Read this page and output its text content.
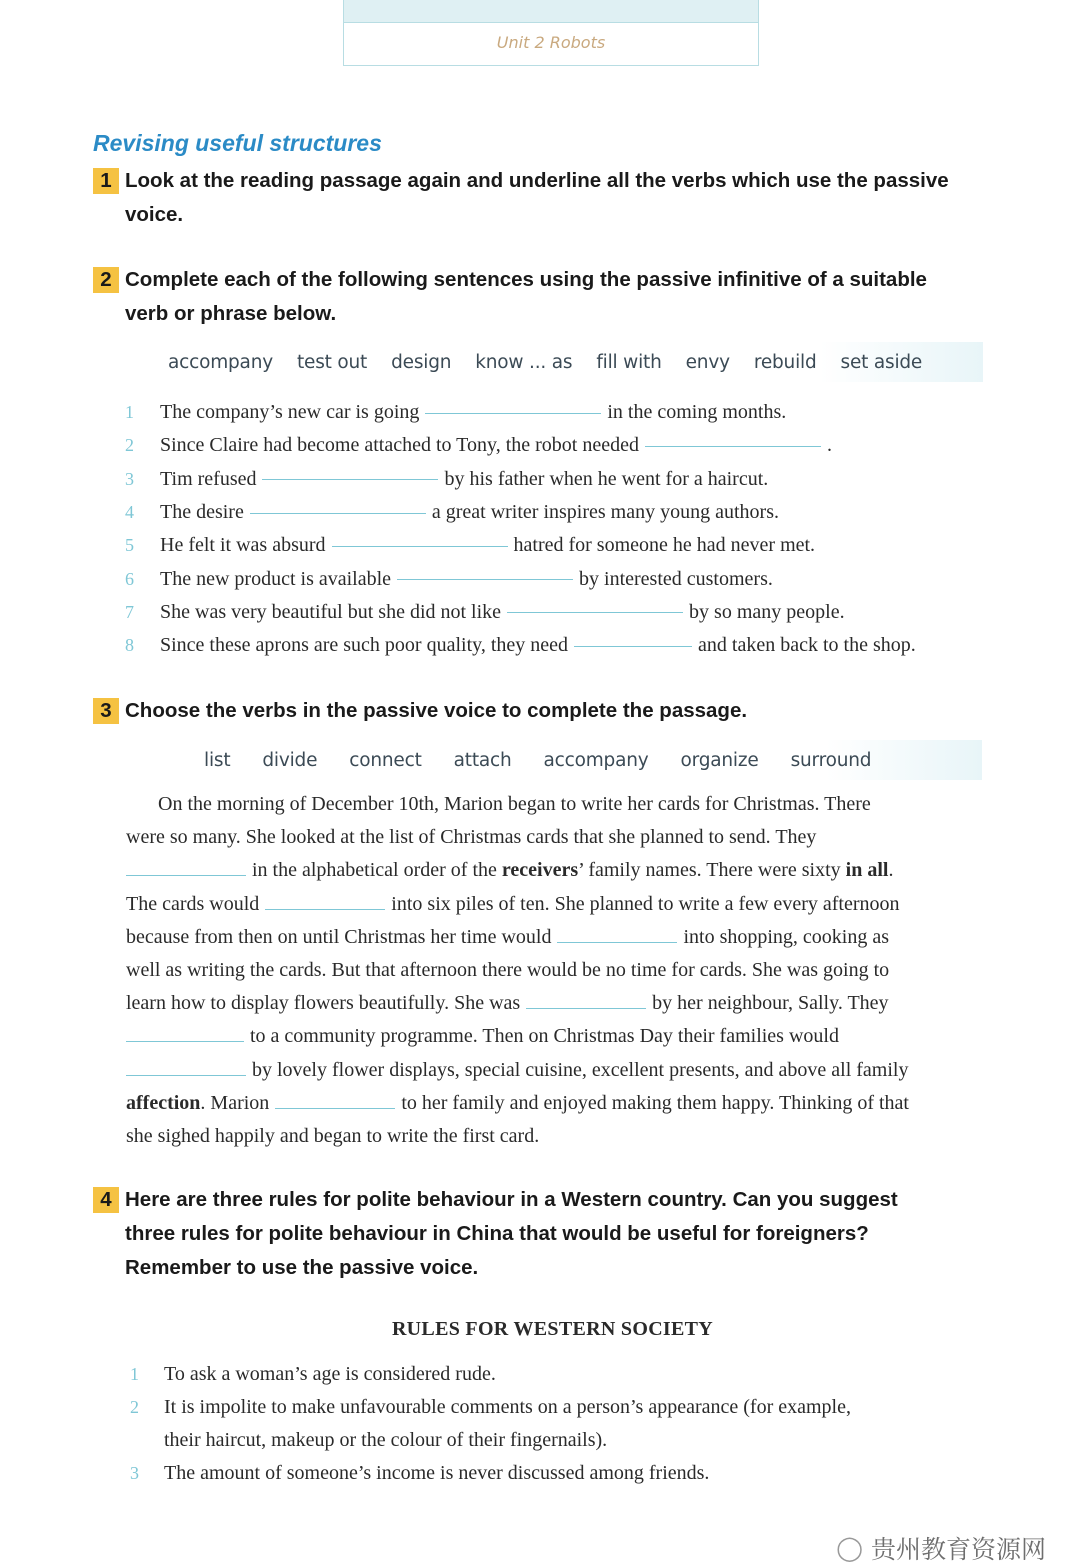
Unit 2 Robots
Revising useful structures
1 Look at the reading passage again and underline all the verbs which use the passive
voice.
2 Complete each of the following sentences using the passive infinitive of a suitable
verb or phrase below.
accompany test out design know ... as fill with envy rebuild set aside
1	The company’s new car is going	in the coming months.
2	Since Claire had become attached to Tony, the robot needed	.
3	Tim refused	by his father when he went for a haircut.
4	The desire	a great writer inspires many young authors.
5	He felt it was absurd	hatred for someone he had never met.
6	The new product is available	by interested customers.
7	She was very beautiful but she did not like	by so many people.
8	Since these aprons are such poor quality, they need	and taken back to the shop.
3 Choose the verbs in the passive voice to complete the passage.
list divide connect attach accompany organize surround
On the morning of December 10th, Marion began to write her cards for Christmas. There
were so many. She looked at the list of Christmas cards that she planned to send. They
in the alphabetical order of the receivers’ family names. There were sixty in all.
The cards would	into six piles of ten. She planned to write a few every afternoon
because from then on until Christmas her time would	into shopping, cooking as
well as writing the cards. But that afternoon there would be no time for cards. She was going to
learn how to display flowers beautifully. She was	by her neighbour, Sally. They
to a community programme. Then on Christmas Day their families would
by lovely flower displays, special cuisine, excellent presents, and above all family
affection. Marion	to her family and enjoyed making them happy. Thinking of that
she sighed happily and began to write the first card.
4 Here are three rules for polite behaviour in a Western country. Can you suggest
three rules for polite behaviour in China that would be useful for foreigners?
Remember to use the passive voice.
RULES FOR WESTERN SOCIETY
1	To ask a woman’s age is considered rude.
2	It is impolite to make unfavourable comments on a person’s appearance (for example,
their haircut, makeup or the colour of their fingernails).
3	The amount of someone’s income is never discussed among friends.
◯ 贵州教育资源网
